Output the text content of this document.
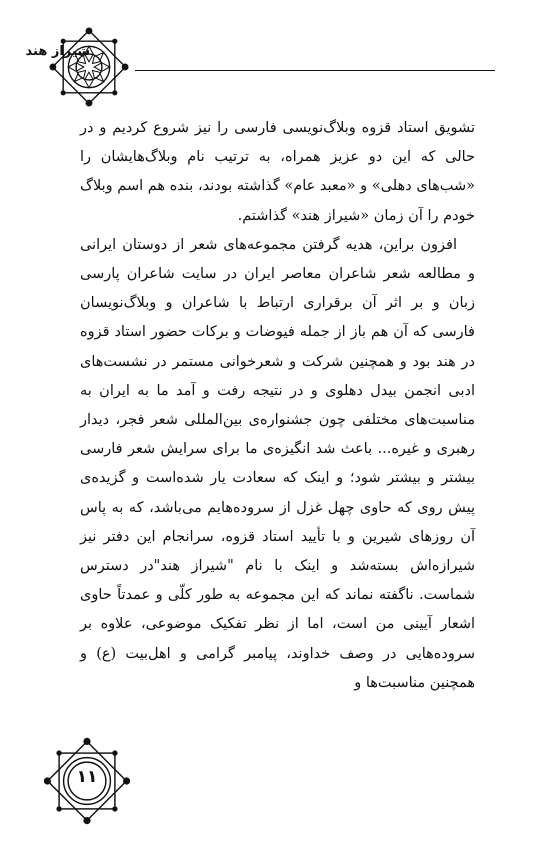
شیراز هند

تشویق استاد قزوه وبلاگ‌نویسی فارسی را نیز شروع کردیم و در حالی که این دو عزیز همراه، به ترتیب نام وبلاگ‌هایشان را «شب‌های دهلی» و «معبد عام» گذاشته بودند، بنده هم اسم وبلاگ خودم را آن زمان «شیراز هند» گذاشتم.

افزون براین، هدیه گرفتن مجموعه‌های شعر از دوستان ایرانی و مطالعه شعر شاعران معاصر ایران در سایت شاعران پارسی زبان و بر اثر آن برقراری ارتباط با شاعران و وبلاگ‌نویسان فارسی که آن هم باز از جمله فیوضات و برکات حضور استاد قزوه در هند بود و همچنین شرکت و شعرخوانی مستمر در نشست‌های ادبی انجمن بیدل دهلوی و در نتیجه رفت و آمد ما به ایران به مناسبت‌های مختلفی چون جشنواره‌ی بین‌المللی شعر فجر، دیدار رهبری و غیره... باعث شد انگیزه‌ی ما برای سرایش شعر فارسی بیشتر و بیشتر شود؛ و اینک که سعادت یار شده‌است و گزیده‌ی پیش روی که حاوی چهل غزل از سروده‌هایم می‌باشد، که به پاس آن روزهای شیرین و با تأیید استاد قزوه، سرانجام این دفتر نیز شیرازه‌اش بسته‌شد و اینک با نام "شیراز هند"در دسترس شماست. ناگفته نماند که این مجموعه به طور کلّی و عمدتاً حاوی اشعار آیینی من است، اما از نظر تفکیک موضوعی، علاوه بر سروده‌هایی در وصف خداوند، پیامبر گرامی و اهل‌بیت (ع) و همچنین مناسبت‌ها و

۱۱
